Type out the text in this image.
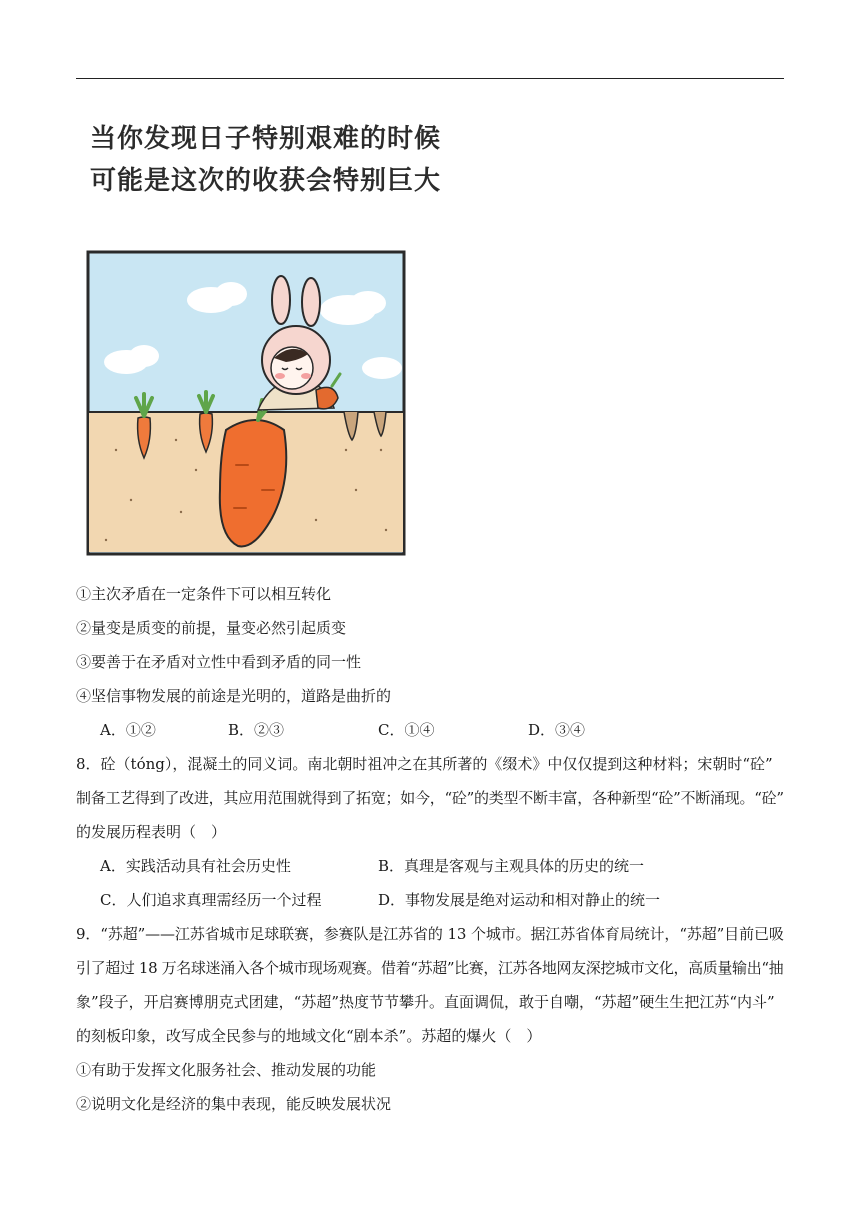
当你发现日子特别艰难的时候
可能是这次的收获会特别巨大
①主次矛盾在一定条件下可以相互转化
②量变是质变的前提，量变必然引起质变
③要善于在矛盾对立性中看到矛盾的同一性
④坚信事物发展的前途是光明的，道路是曲折的
A．①②	B．②③	C．①④	D．③④
8．砼（tóng），混凝土的同义词。南北朝时祖冲之在其所著的《缀术》中仅仅提到这种材料；宋朝时“砼”
制备工艺得到了改进，其应用范围就得到了拓宽；如今，“砼”的类型不断丰富，各种新型“砼”不断涌现。“砼”
的发展历程表明（　）
A．实践活动具有社会历史性	B．真理是客观与主观具体的历史的统一
C．人们追求真理需经历一个过程	D．事物发展是绝对运动和相对静止的统一
9．“苏超”——江苏省城市足球联赛，参赛队是江苏省的 13 个城市。据江苏省体育局统计，“苏超”目前已吸
引了超过 18 万名球迷涌入各个城市现场观赛。借着“苏超”比赛，江苏各地网友深挖城市文化，高质量输出“抽
象”段子，开启赛博朋克式团建，“苏超”热度节节攀升。直面调侃，敢于自嘲，“苏超”硬生生把江苏“内斗”
的刻板印象，改写成全民参与的地域文化“剧本杀”。苏超的爆火（　）
①有助于发挥文化服务社会、推动发展的功能
②说明文化是经济的集中表现，能反映发展状况
